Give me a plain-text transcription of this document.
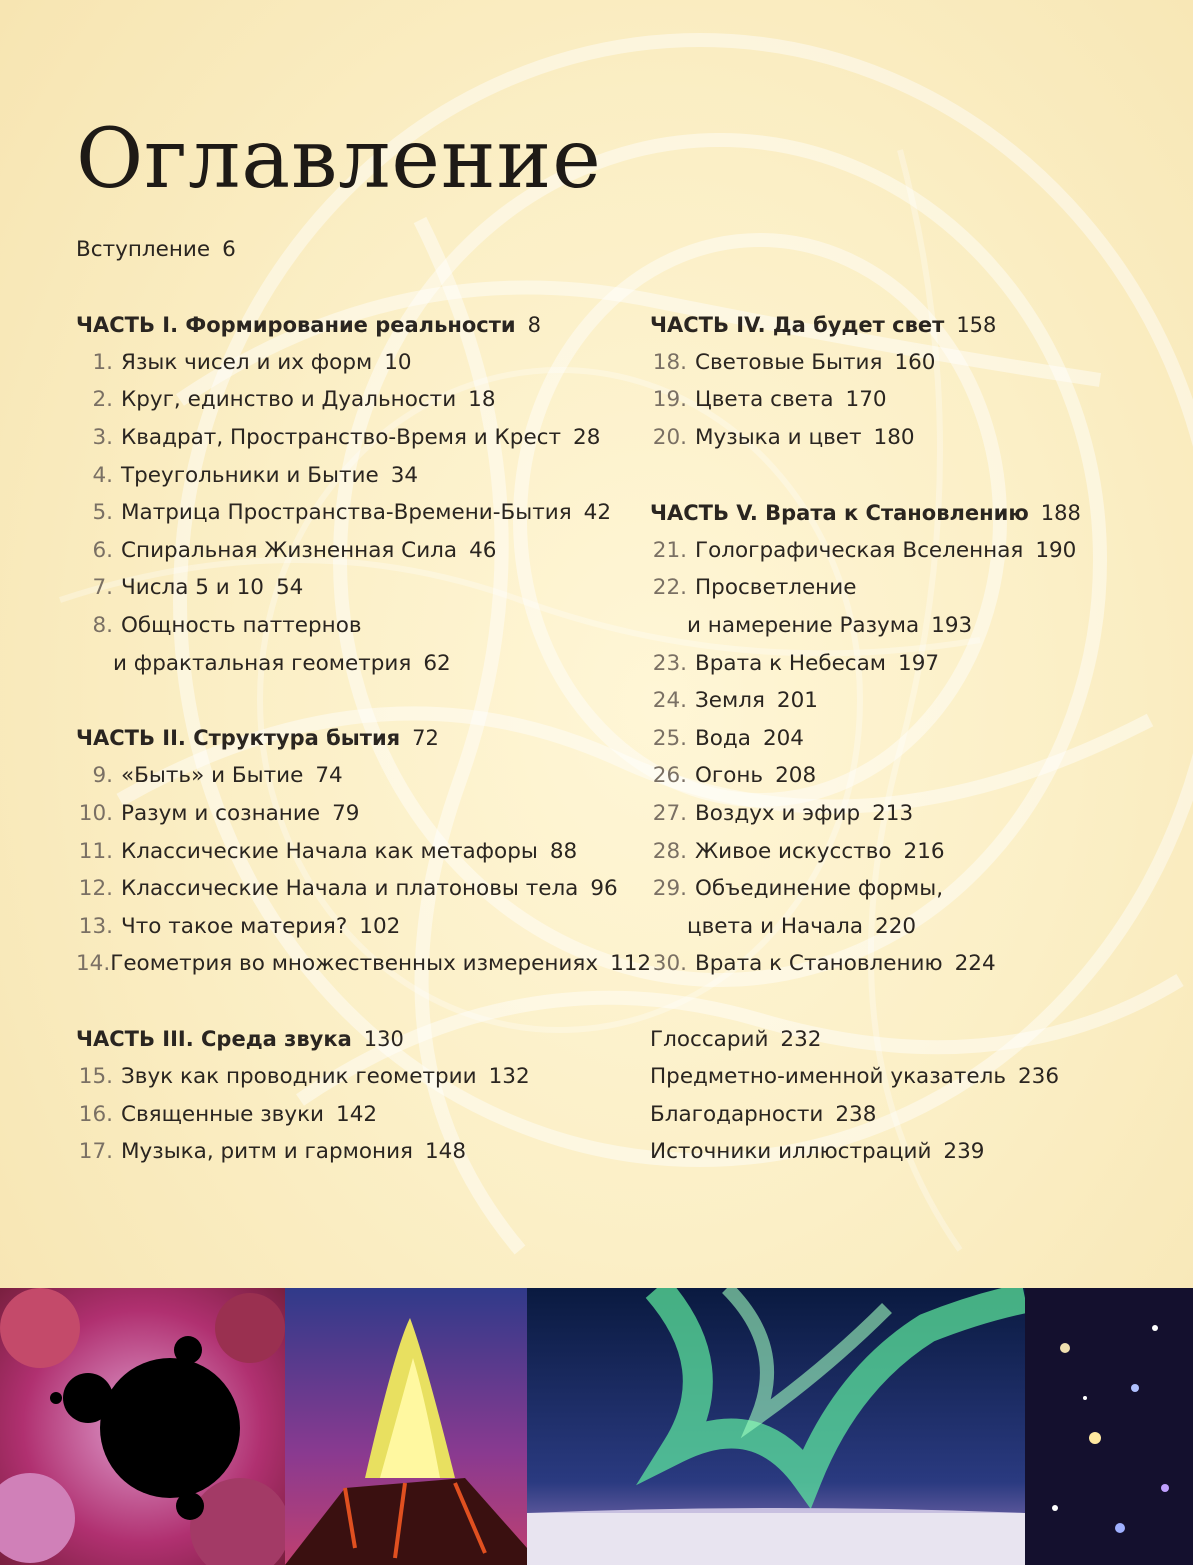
Оглавление
Вступление 6
ЧАСТЬ I. Формирование реальности 8
1. Язык чисел и их форм 10
2. Круг, единство и Дуальности 18
3. Квадрат, Пространство-Время и Крест 28
4. Треугольники и Бытие 34
5. Матрица Пространства-Времени-Бытия 42
6. Спиральная Жизненная Сила 46
7. Числа 5 и 10 54
8. Общность паттернов
и фрактальная геометрия 62
ЧАСТЬ II. Структура бытия 72
9. «Быть» и Бытие 74
10. Разум и сознание 79
11. Классические Начала как метафоры 88
12. Классические Начала и платоновы тела 96
13. Что такое материя? 102
14. Геометрия во множественных измерениях 112
ЧАСТЬ III. Среда звука 130
15. Звук как проводник геометрии 132
16. Священные звуки 142
17. Музыка, ритм и гармония 148
ЧАСТЬ IV. Да будет свет 158
18. Световые Бытия 160
19. Цвета света 170
20. Музыка и цвет 180
ЧАСТЬ V. Врата к Становлению 188
21. Голографическая Вселенная 190
22. Просветление
и намерение Разума 193
23. Врата к Небесам 197
24. Земля 201
25. Вода 204
26. Огонь 208
27. Воздух и эфир 213
28. Живое искусство 216
29. Объединение формы,
цвета и Начала 220
30. Врата к Становлению 224
Глоссарий 232
Предметно-именной указатель 236
Благодарности 238
Источники иллюстраций 239
